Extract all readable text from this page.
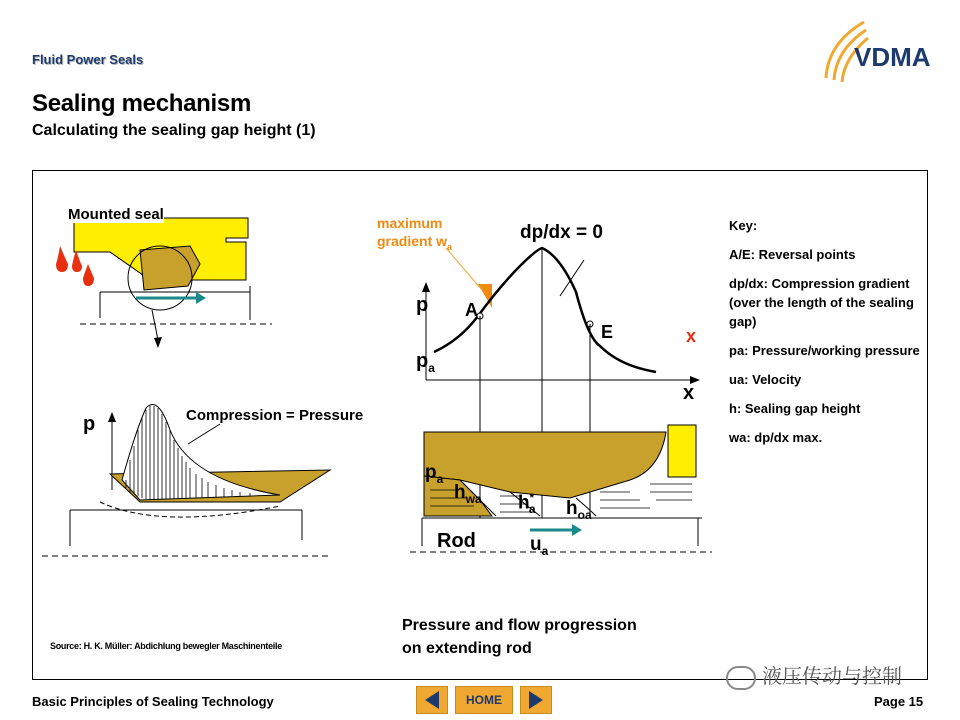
Fluid Power Seals
Sealing mechanism
Calculating the sealing gap height (1)
VDMA
Mounted seal
p	Compression = Pressure
maximum
gradient $w_a$
dp/dx = 0
p
$p_a$
A
E	x
x
$p_a$
$h_{wa}$ $h^*_a$ $h_{oa}$
Rod	$u_a$
Key:
A/E: Reversal points
dp/dx: Compression gradient (over the length of the sealing gap)
pa: Pressure/working pressure
ua: Velocity
h: Sealing gap height
wa: dp/dx max.
Source: H. K. Müller: Abdichlung bewegler Maschinenteile
Pressure and flow progression
on extending rod
液压传动与控制
Basic Principles of Sealing Technology	HOME	Page 15
